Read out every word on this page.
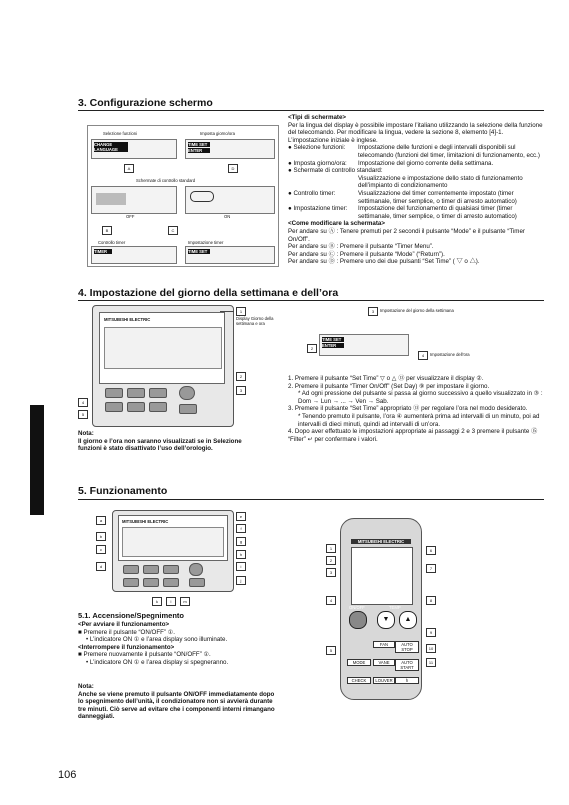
3. Configurazione schermo
Selezione funzioni	Imposta giorno/ora
CHANGE LANGUAGE
TIME SET
ENTER
A	D
Schermate di controllo standard
OFF	ON
B	C
Controllo timer	Impostazione timer
TIMER	TIME SET

<Tipi di schermate>

Per la lingua del display è possibile impostare l’italiano utilizzando la selezione della funzione del telecomando. Per modificare la lingua, vedere la sezione 8, elemento [4]-1.

L’impostazione iniziale è inglese.

● Selezione funzioni:	Impostazione delle funzioni e degli intervalli disponibili sul telecomando (funzioni del timer, limitazioni di funzionamento, ecc.)
● Imposta giorno/ora:	Impostazione del giorno corrente della settimana.

● Schermate di controllo standard:

Visualizzazione e impostazione dello stato di funzionamento dell’impianto di condizionamento

● Controllo timer:	Visualizzazione del timer correntemente impostato (timer settimanale, timer semplice, o timer di arresto automatico)
● Impostazione timer:	Impostazione del funzionamento di qualsiasi timer (timer settimanale, timer semplice, o timer di arresto automatico)

<Come modificare la schermata>

Per andare su Ⓐ : Tenere premuti per 2 secondi il pulsante “Mode” e il pulsante “Timer On/Off”.

Per andare su Ⓑ : Premere il pulsante “Timer Menu”.

Per andare su Ⓒ : Premere il pulsante “Mode” (“Return”).

Per andare su Ⓓ : Premere uno dei due pulsanti “Set Time” ( ▽ o △).

4. Impostazione del giorno della settimana e dell’ora
MITSUBISHI ELECTRIC
1
Display Giorno della settimana e ora
2
3
4
5

Nota:

Il giorno e l’ora non saranno visualizzati se in Selezione funzioni è stato disattivato l’uso dell’orologio.

2
TIME SET
ENTER
3	Impostazione del giorno della settimana
4	Impostazione dell’ora

1. Premere il pulsante “Set Time” ▽ o △ ⑬ per visualizzare il display ②.

2. Premere il pulsante “Timer On/Off” (Set Day) ⑨ per impostare il giorno.

* Ad ogni pressione del pulsante si passa al giorno successivo a quello visualizzato in ③ : Dom → Lun → ... → Ven → Sab.

3. Premere il pulsante “Set Time” appropriato ⑬ per regolare l’ora nel modo desiderato.

* Tenendo premuto il pulsante, l’ora ④ aumenterà prima ad intervalli di un minuto, poi ad intervalli di dieci minuti, quindi ad intervalli di un’ora.

4. Dopo aver effettuato le impostazioni appropriate ai passaggi 2 e 3 premere il pulsante ⑮ “Filter” ↵ per confermare i valori.

5. Funzionamento
MITSUBISHI ELECTRIC
a
b
c
d
e
f
g
h
i
j
k	l	m
5.1. Accensione/Spegnimento

<Per avviare il funzionamento>

■ Premere il pulsante “ON/OFF” ①.

• L’indicatore ON ① e l’area display sono illuminate.

<Interrompere il funzionamento>

■ Premere nuovamente il pulsante “ON/OFF” ①.

• L’indicatore ON ① e l’area display si spegneranno.

Nota:

Anche se viene premuto il pulsante ON/OFF immediatamente dopo lo spegnimento dell’unità, il condizionatore non si avvierà durante tre minuti. Ciò serve ad evitare che i componenti interni rimangano danneggiati.

MITSUBISHI ELECTRIC
ON/OFF	TEMP
▼	▲
FAN	AUTO STOP
MODE	VANE	AUTO START
CHECK	LOUVER	h
1
2
3
4
5
6
7
8
9
10
11
106
